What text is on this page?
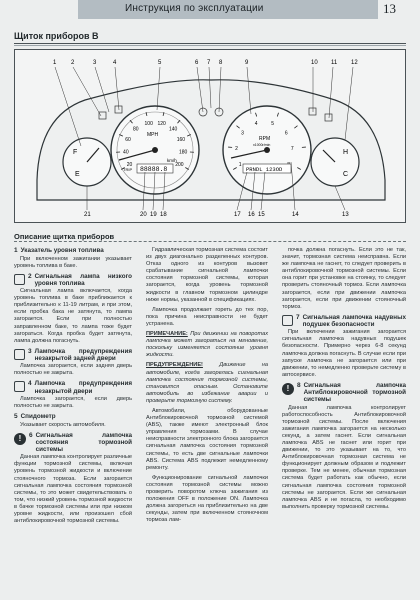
Инструкция по эксплуатации	13
Щиток приборов B
F
E
20
40
60
80
100 120
140
160
180
200
MPH
km/h
TRIP 88888.8
1
2
3
4	5
6
7
RPM
x1000r/min
PRNDL 123OD
H
C
1 2	3	4	5	6 7 8	9	10 11 12
21	20 19 18	17 16 15	14	13
Описание щитка приборов
1 Указатель уровня топлива
При включенном зажигании указывает уровень топлива в баке.
2 Сигнальная лампа низкого уровня топлива
Сигнальная лампа включается, когда уровень топлива в баке приближается к приблизительно к 11-19 литрам, и при этом, если пробка бака не затянута, то лампа загорается. Если при полностью заправленном баке, то лампа тоже будет загораться. Когда пробка будет затянута, лампа должна погаснуть.
3 Лампочка предупреждения незакрытой задней двери
Лампочка загорается, если задняя дверь полностью не закрыта.
4 Лампочка предупреждения незакрытой двери
Лампочка загорается, если дверь полностью не закрыта.
5 Спидометр
Указывает скорость автомобиля.
!	6 Сигнальная лампочка состояния тормозной системы
Данная лампочка контролирует различные функции тормозной системы, включая уровень тормозной жидкости и включение стояночного тормоза. Если загорается сигнальная лампочка состояния тормозной системы, то это может свидетельствовать о том, что низкий уровень тормозной жидкости в бачке тормозной системы или при низком уровне жидкости, или произошел сбой антиблокировочной тормозной системы.
Гидравлическая тормозная система состоит из двух диагонально разделенных контуров. Отказ одного из контуров вызовет срабатывание сигнальной лампочки состояния тормозной системы, которая загорается, когда уровень тормозной жидкости в главном тормозном цилиндре ниже нормы, указанной в спецификациях.
Лампочка продолжает гореть до тех пор, пока причина неисправности не будет устранена.
ПРИМЕЧАНИЕ: При движении на поворотах лампочка может загораться на мгновение, поскольку изменяется состояние уровня жидкости.
ПРЕДУПРЕЖДЕНИЕ!	Движение на автомобиле, когда загорелась сигнальная лампочка состояния тормозной системы, становится опасным. Остановите автомобиль во избежание аварии и проверьте тормозную систему.
Автомобили, оборудованные Антиблокировочной тормозной системой (ABS), также имеют электронный блок управления тормозами. В случае неисправности электронного блока загорается сигнальная лампочка состояния тормозной системы, то есть две сигнальные лампочки ABS. Система ABS подлежит немедленному ремонту.
Функционирование сигнальной лампочки состояния тормозной системы можно проверить поворотом ключа зажигания из положения OFF в положение ON. Лампочка должна загореться на приблизительно на две секунды, затем при включенном стояночном тормоза лам-
почка должна погаснуть. Если это не так, значит, тормозная система неисправна. Если же лампочка не гаснет, то следует проверить в антиблокировочной тормозной системы. Если она горит при установке на стоянку, то следует проверить стояночный тормоз. Если лампочка загорается, если при движении лампочка загорается, если при движении стояночный тормоз.
7 Сигнальная лампочка надувных подушек безопасности
При включении зажигания загорается сигнальная лампочка надувных подушек безопасности. Примерно через 6-8 секунд лампочка должна погаснуть. В случае если при запуске лампочка не загорается или при движении, то немедленно проверьте систему в автосервисе.
!	8 Сигнальная лампочка Антиблокировочной тормозной системы
Данная лампочка контролирует работоспособность Антиблокировочной тормозной системы. После включения зажигания лампочка загорается на несколько секунд, а затем гаснет. Если сигнальная лампочка ABS не гаснет или горит при движении, то это указывает на то, что Антиблокировочная тормозная система не функционирует должным образом и подлежит проверке. Тем не менее, обычная тормозная система будет работать как обычно, если сигнальная лампочка состояния тормозной системы не загорается. Если же сигнальная лампочка ABS и не погасла, то необходимо выполнить проверку тормозной системы.
